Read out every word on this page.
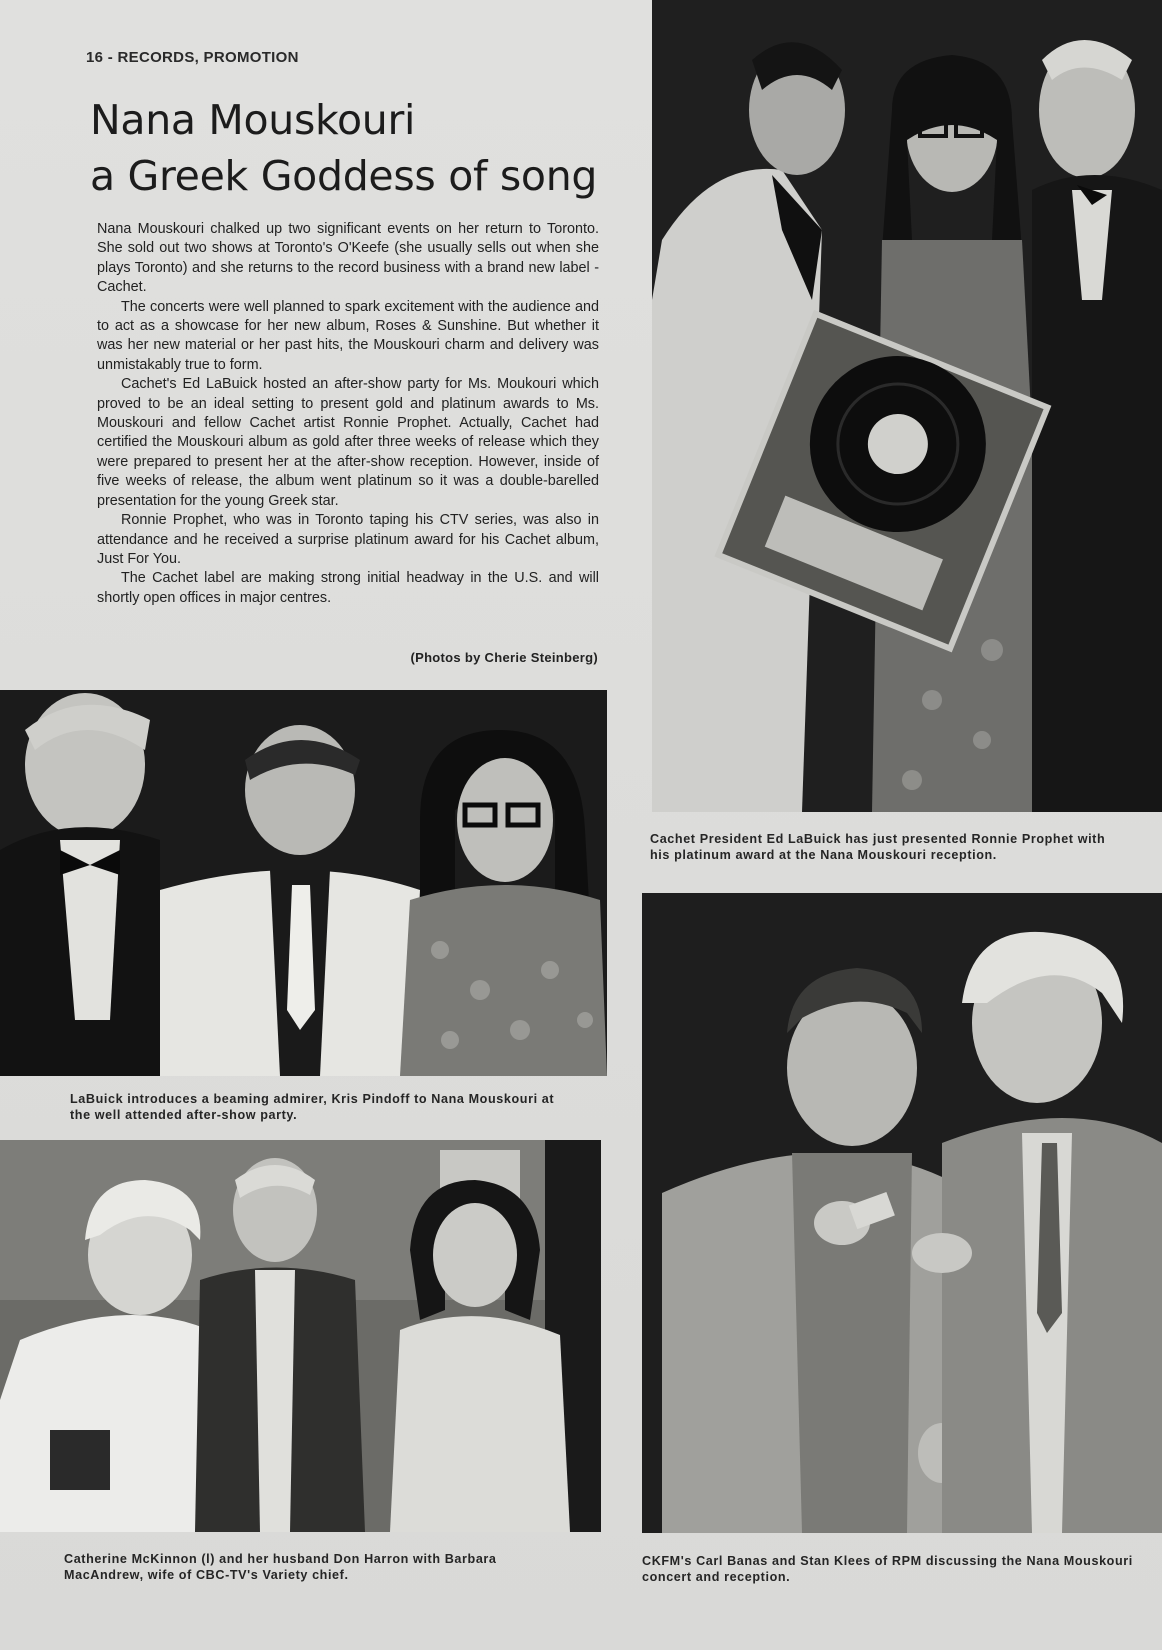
16 - RECORDS, PROMOTION
Nana Mouskouri
a Greek Goddess of song

Nana Mouskouri chalked up two significant events on her return to Toronto. She sold out two shows at Toronto's O'Keefe (she usually sells out when she plays Toronto) and she returns to the record business with a brand new label - Cachet.

The concerts were well planned to spark excitement with the audience and to act as a showcase for her new album, Roses & Sunshine. But whether it was her new material or her past hits, the Mouskouri charm and delivery was unmistakably true to form.

Cachet's Ed LaBuick hosted an after-show party for Ms. Moukouri which proved to be an ideal setting to present gold and platinum awards to Ms. Mouskouri and fellow Cachet artist Ronnie Prophet. Actually, Cachet had certified the Mouskouri album as gold after three weeks of release which they were prepared to present her at the after-show reception. However, inside of five weeks of release, the album went platinum so it was a double-barelled presentation for the young Greek star.

Ronnie Prophet, who was in Toronto taping his CTV series, was also in attendance and he received a surprise platinum award for his Cachet album, Just For You.

The Cachet label are making strong initial headway in the U.S. and will shortly open offices in major centres.

(Photos by Cherie Steinberg)
Cachet President Ed LaBuick has just presented Ronnie Prophet with his platinum award at the Nana Mouskouri reception.
LaBuick introduces a beaming admirer, Kris Pindoff to Nana Mouskouri at the well attended after-show party.
Catherine McKinnon (l) and her husband Don Harron with Barbara MacAndrew, wife of CBC-TV's Variety chief.
CKFM's Carl Banas and Stan Klees of RPM discussing the Nana Mouskouri concert and reception.
